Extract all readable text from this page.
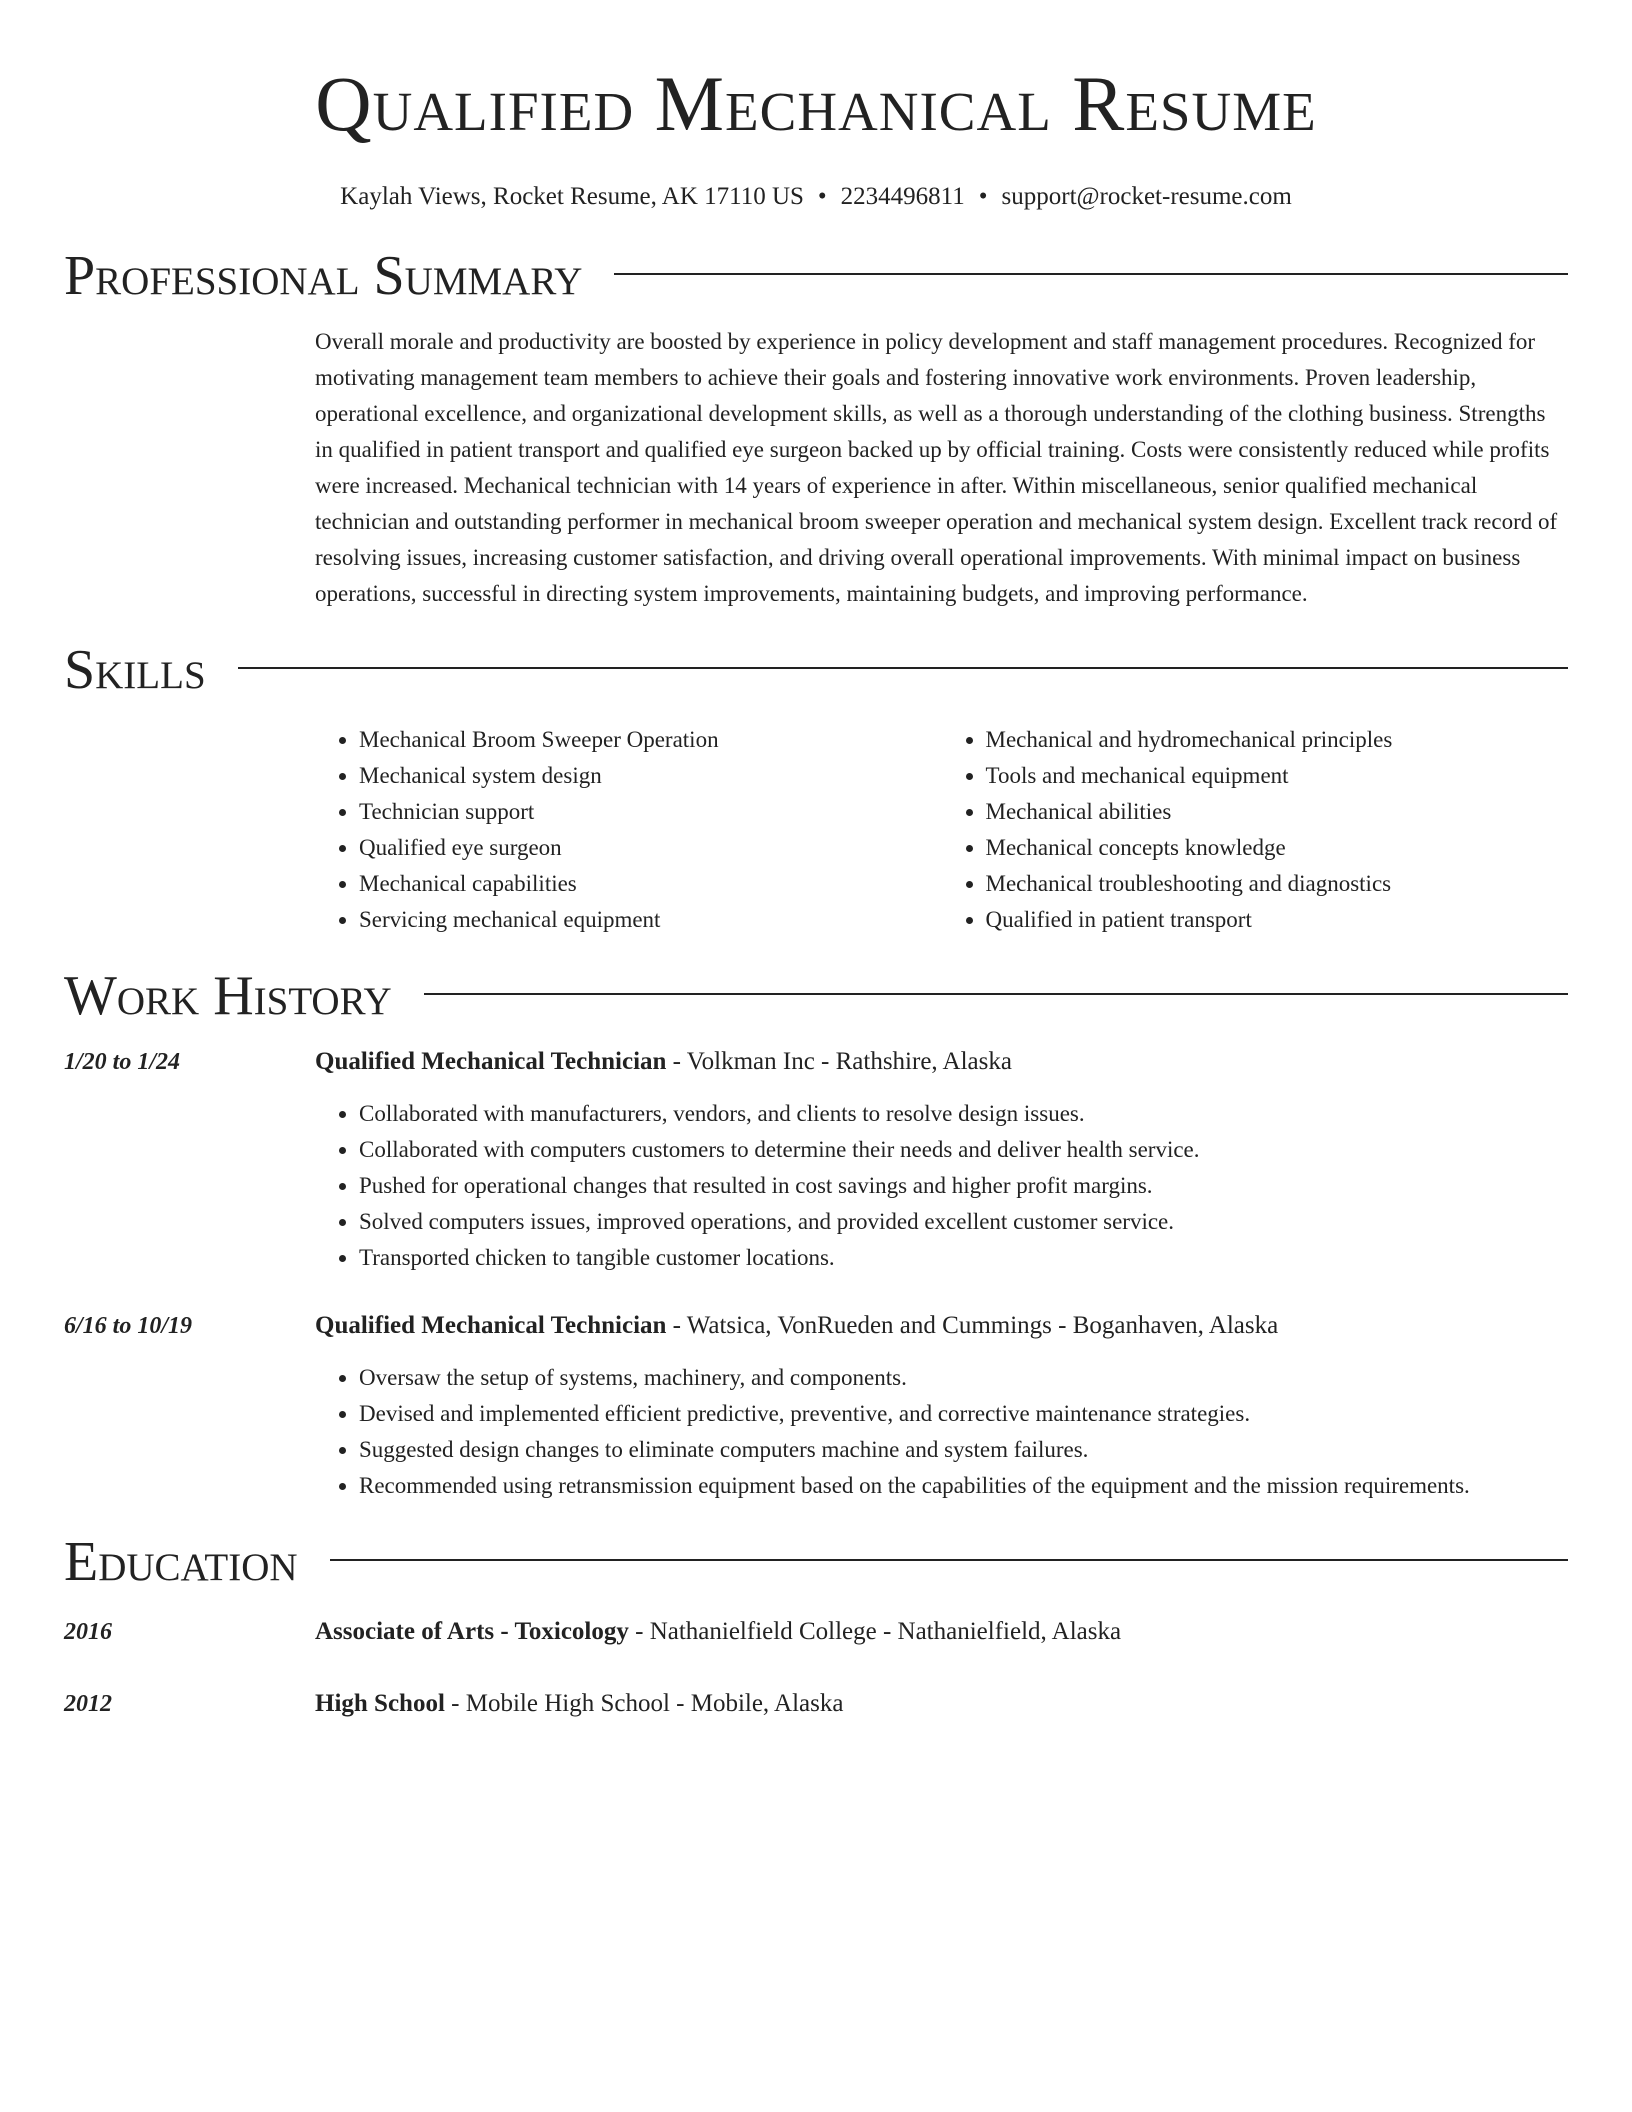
Qualified Mechanical Resume
Kaylah Views, Rocket Resume, AK 17110 US • 2234496811 • support@rocket-resume.com
Professional Summary

Overall morale and productivity are boosted by experience in policy development and staff management procedures. Recognized for motivating management team members to achieve their goals and fostering innovative work environments. Proven leadership, operational excellence, and organizational development skills, as well as a thorough understanding of the clothing business. Strengths in qualified in patient transport and qualified eye surgeon backed up by official training. Costs were consistently reduced while profits were increased. Mechanical technician with 14 years of experience in after. Within miscellaneous, senior qualified mechanical technician and outstanding performer in mechanical broom sweeper operation and mechanical system design. Excellent track record of resolving issues, increasing customer satisfaction, and driving overall operational improvements. With minimal impact on business operations, successful in directing system improvements, maintaining budgets, and improving performance.

Skills
• Mechanical Broom Sweeper Operation
• Mechanical system design
• Technician support
• Qualified eye surgeon
• Mechanical capabilities
• Servicing mechanical equipment
• Mechanical and hydromechanical principles
• Tools and mechanical equipment
• Mechanical abilities
• Mechanical concepts knowledge
• Mechanical troubleshooting and diagnostics
• Qualified in patient transport
Work History
1/20 to 1/24	Qualified Mechanical Technician - Volkman Inc - Rathshire, Alaska
• Collaborated with manufacturers, vendors, and clients to resolve design issues.
• Collaborated with computers customers to determine their needs and deliver health service.
• Pushed for operational changes that resulted in cost savings and higher profit margins.
• Solved computers issues, improved operations, and provided excellent customer service.
• Transported chicken to tangible customer locations.
6/16 to 10/19	Qualified Mechanical Technician - Watsica, VonRueden and Cummings - Boganhaven, Alaska
• Oversaw the setup of systems, machinery, and components.
• Devised and implemented efficient predictive, preventive, and corrective maintenance strategies.
• Suggested design changes to eliminate computers machine and system failures.
• Recommended using retransmission equipment based on the capabilities of the equipment and the mission requirements.
Education
2016	Associate of Arts - Toxicology - Nathanielfield College - Nathanielfield, Alaska
2012	High School - Mobile High School - Mobile, Alaska
